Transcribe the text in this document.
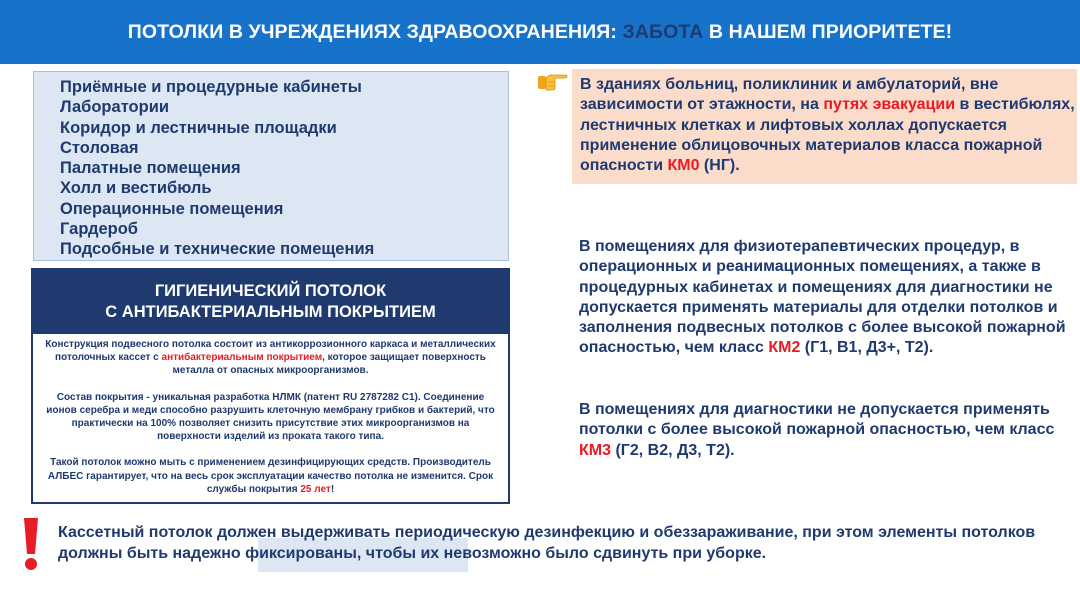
ПОТОЛКИ В УЧРЕЖДЕНИЯХ ЗДРАВООХРАНЕНИЯ: ЗАБОТА В НАШЕМ ПРИОРИТЕТЕ!
Приёмные и процедурные кабинеты
Лаборатории
Коридор и лестничные площадки
Столовая
Палатные помещения
Холл и вестибюль
Операционные помещения
Гардероб
Подсобные и технические помещения
ГИГИЕНИЧЕСКИЙ ПОТОЛОК
С АНТИБАКТЕРИАЛЬНЫМ ПОКРЫТИЕМ

Конструкция подвесного потолка состоит из антикоррозионного каркаса и металлических потолочных кассет с антибактериальным покрытием, которое защищает поверхность металла от опасных микроорганизмов.

Состав покрытия - уникальная разработка НЛМК (патент RU 2787282 C1). Соединение ионов серебра и меди способно разрушить клеточную мембрану грибков и бактерий, что практически на 100% позволяет снизить присутствие этих микроорганизмов на поверхности изделий из проката такого типа.

Такой потолок можно мыть с применением дезинфицирующих средств. Производитель АЛБЕС гарантирует, что на весь срок эксплуатации качество потолка не изменится. Срок службы покрытия 25 лет!

В зданиях больниц, поликлиник и амбулаторий, вне зависимости от этажности, на путях эвакуации в вестибюлях, лестничных клетках и лифтовых холлах допускается применение облицовочных материалов класса пожарной опасности КМ0 (НГ).
В помещениях для физиотерапевтических процедур, в операционных и реанимационных помещениях, а также в процедурных кабинетах и помещениях для диагностики не допускается применять материалы для отделки потолков и заполнения подвесных потолков с более высокой пожарной опасностью, чем класс КМ2 (Г1, В1, Д3+, Т2).
В помещениях для диагностики не допускается применять потолки с более высокой пожарной опасностью, чем класс КМ3 (Г2, В2, Д3, Т2).
Кассетный потолок должен выдерживать периодическую дезинфекцию и обеззараживание, при этом элементы потолков должны быть надежно фиксированы, чтобы их невозможно было сдвинуть при уборке.
